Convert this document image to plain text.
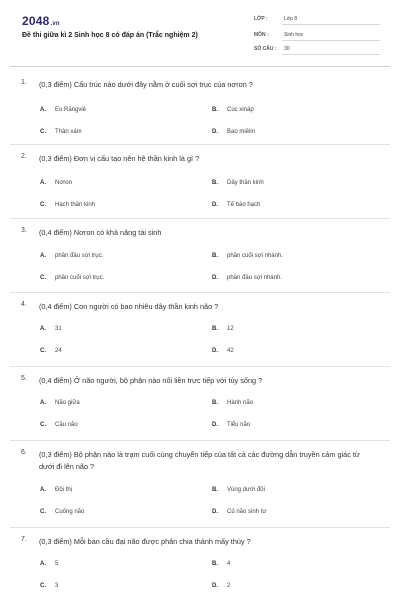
2048.vn
Đề thi giữa kì 2 Sinh học 8 có đáp án (Trắc nghiệm 2)
LỚP :	Lớp 8
MÔN :	Sinh học
SỐ CÂU : 30
1. (0,3 điểm) Cấu trúc nào dưới đây nằm ở cuối sợi trục của nơron ?
A. Eo Răngviê	B. Cúc xináp
C. Thân xám	D. Bao miêlin
2. (0,3 điểm) Đơn vị cấu tạo nên hệ thần kinh là gì ?
A. Nơron	B. Dây thần kinh
C. Hạch thần kinh	D. Tế bào hạch
3. (0,4 điểm) Nơron có khả năng tái sinh
A. phần đầu sợi trục.	B. phần cuối sợi nhánh.
C. phần cuối sợi trục.	D. phần đầu sợi nhánh.
4. (0,4 điểm) Con người có bao nhiêu dây thần kinh não ?
A. 31	B. 12
C. 24	D. 42
5. (0,4 điểm) Ở não người, bộ phận nào nối liền trực tiếp với tủy sống ?
A. Não giữa	B. Hành não
C. Cầu não	D. Tiểu não
6. (0,3 điểm) Bộ phận nào là trạm cuối cùng chuyển tiếp của tất cả các đường dẫn truyền cảm giác từ dưới đi lên não ?
A. Đồi thị	B. Vùng dưới đồi
C. Cuống não	D. Củ não sinh tư
7. (0,3 điểm) Mỗi bán cầu đại não được phân chia thành mấy thùy ?
A. 5	B. 4
C. 3	D. 2
